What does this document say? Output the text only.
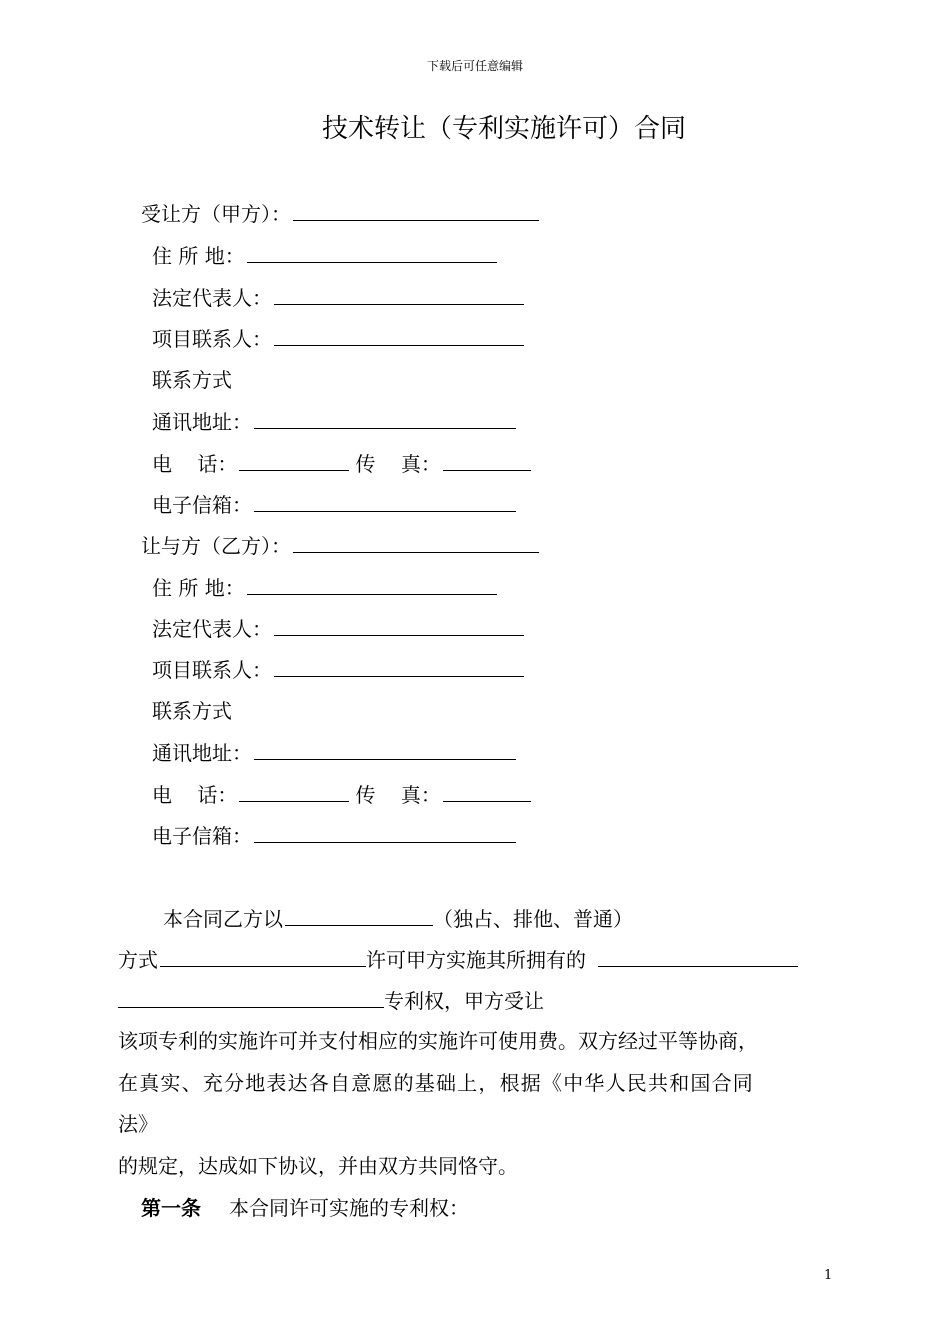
下载后可任意编辑
技术转让（专利实施许可）合同
受让方（甲方）：
住 所 地：
法定代表人：
项目联系人：
联系方式
通讯地址：
电    话：	传    真：
电子信箱：
让与方（乙方）：
住 所 地：
法定代表人：
项目联系人：
联系方式
通讯地址：
电    话：	传    真：
电子信箱：
本合同乙方以	（独占、排他、普通）
方式	许可甲方实施其所拥有的
专利权，甲方受让
该项专利的实施许可并支付相应的实施许可使用费。双方经过平等协商，
在真实、充分地表达各自意愿的基础上，根据《中华人民共和国合同
法》
的规定，达成如下协议，并由双方共同恪守。
第一条 本合同许可实施的专利权：
1
